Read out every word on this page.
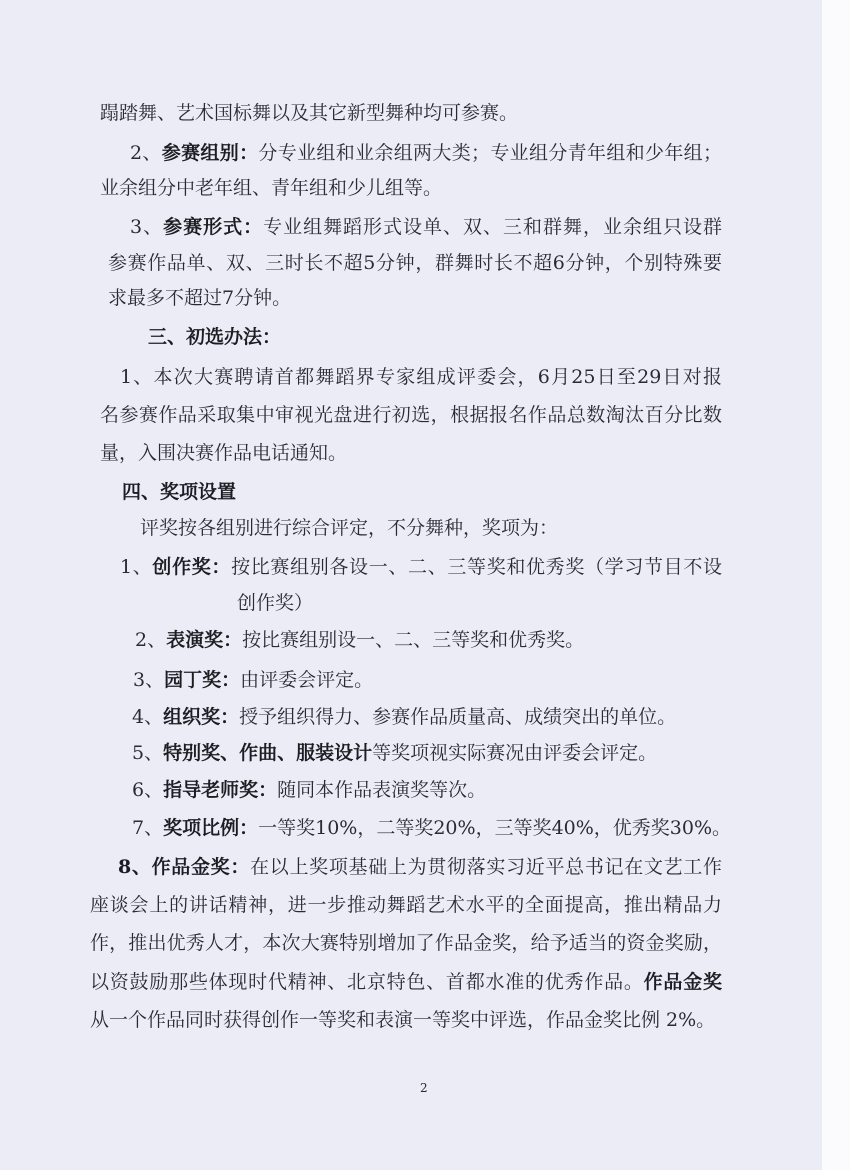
蹋踏舞、艺术国标舞以及其它新型舞种均可参赛。
2、参赛组别：分专业组和业余组两大类；专业组分青年组和少年组；
业余组分中老年组、青年组和少儿组等。
3、参赛形式：专业组舞蹈形式设单、双、三和群舞，业余组只设群
参赛作品单、双、三时长不超5分钟，群舞时长不超6分钟，个别特殊要
求最多不超过7分钟。
三、初选办法：
1、本次大赛聘请首都舞蹈界专家组成评委会，6月25日至29日对报
名参赛作品采取集中审视光盘进行初选，根据报名作品总数淘汰百分比数
量，入围决赛作品电话通知。
四、奖项设置
评奖按各组别进行综合评定，不分舞种，奖项为：
1、创作奖：按比赛组别各设一、二、三等奖和优秀奖（学习节目不设
创作奖）
2、表演奖：按比赛组别设一、二、三等奖和优秀奖。
3、园丁奖：由评委会评定。
4、组织奖：授予组织得力、参赛作品质量高、成绩突出的单位。
5、特别奖、作曲、服装设计等奖项视实际赛况由评委会评定。
6、指导老师奖：随同本作品表演奖等次。
7、奖项比例：一等奖10%，二等奖20%，三等奖40%，优秀奖30%。
8、作品金奖：在以上奖项基础上为贯彻落实习近平总书记在文艺工作
座谈会上的讲话精神，进一步推动舞蹈艺术水平的全面提高，推出精品力
作，推出优秀人才，本次大赛特别增加了作品金奖，给予适当的资金奖励，
以资鼓励那些体现时代精神、北京特色、首都水准的优秀作品。作品金奖
从一个作品同时获得创作一等奖和表演一等奖中评选，作品金奖比例 2%。
2
